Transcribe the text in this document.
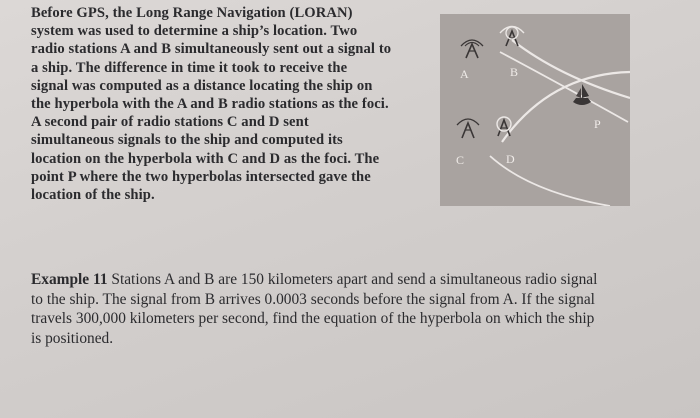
Before GPS, the Long Range Navigation (LORAN)
system was used to determine a ship’s location. Two
radio stations A and B simultaneously sent out a signal to
a ship. The difference in time it took to receive the
signal was computed as a distance locating the ship on
the hyperbola with the A and B radio stations as the foci.
A second pair of radio stations C and D sent
simultaneous signals to the ship and computed its
location on the hyperbola with C and D as the foci. The
point P where the two hyperbolas intersected gave the
location of the ship.
A	B
C	D
P
Example 11 Stations A and B are 150 kilometers apart and send a simultaneous radio signal
to the ship. The signal from B arrives 0.0003 seconds before the signal from A. If the signal
travels 300,000 kilometers per second, find the equation of the hyperbola on which the ship
is positioned.
